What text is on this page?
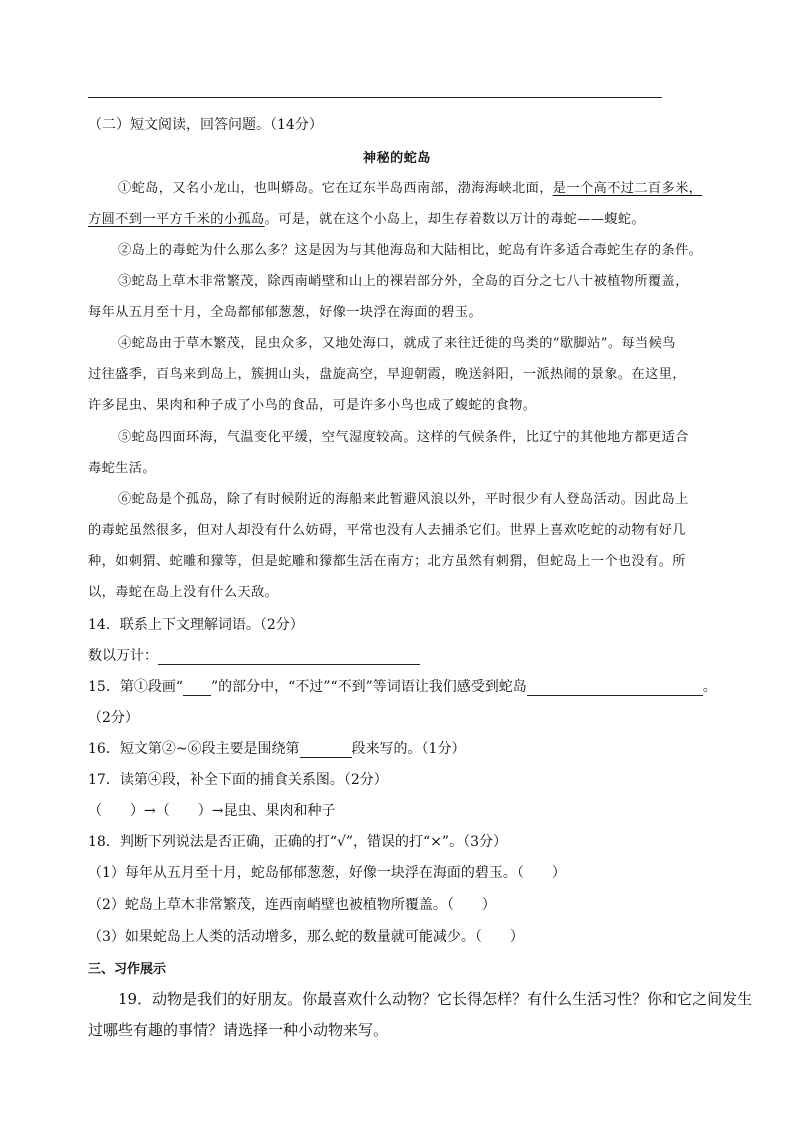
（二）短文阅读，回答问题。（14分）
神秘的蛇岛
①蛇岛，又名小龙山，也叫蟒岛。它在辽东半岛西南部，渤海海峡北面，是一个高不过二百多米，
方圆不到一平方千米的小孤岛。可是，就在这个小岛上，却生存着数以万计的毒蛇——蝮蛇。
②岛上的毒蛇为什么那么多？这是因为与其他海岛和大陆相比，蛇岛有许多适合毒蛇生存的条件。
③蛇岛上草木非常繁茂，除西南峭壁和山上的裸岩部分外，全岛的百分之七八十被植物所覆盖，
每年从五月至十月，全岛都郁郁葱葱，好像一块浮在海面的碧玉。
④蛇岛由于草木繁茂，昆虫众多，又地处海口，就成了来往迁徙的鸟类的“歇脚站”。每当候鸟
过往盛季，百鸟来到岛上，簇拥山头，盘旋高空，早迎朝霞，晚送斜阳，一派热闹的景象。在这里，
许多昆虫、果肉和种子成了小鸟的食品，可是许多小鸟也成了蝮蛇的食物。
⑤蛇岛四面环海，气温变化平缓，空气湿度较高。这样的气候条件，比辽宁的其他地方都更适合
毒蛇生活。
⑥蛇岛是个孤岛，除了有时候附近的海船来此暂避风浪以外，平时很少有人登岛活动。因此岛上
的毒蛇虽然很多，但对人却没有什么妨碍，平常也没有人去捕杀它们。世界上喜欢吃蛇的动物有好几
种，如刺猬、蛇雕和獴等，但是蛇雕和獴都生活在南方；北方虽然有刺猬，但蛇岛上一个也没有。所
以，毒蛇在岛上没有什么天敌。
14．联系上下文理解词语。（2分）
数以万计：
15．第①段画“ ”的部分中，“不过”“不到”等词语让我们感受到蛇岛	。
（2分）
16．短文第②~⑥段主要是围绕第	段来写的。（1分）
17．读第④段，补全下面的捕食关系图。（2分）
（　　）→（　　）→昆虫、果肉和种子
18．判断下列说法是否正确，正确的打“√”，错误的打“×”。（3分）
（1）每年从五月至十月，蛇岛郁郁葱葱，好像一块浮在海面的碧玉。（　　）
（2）蛇岛上草木非常繁茂，连西南峭壁也被植物所覆盖。（　　）
（3）如果蛇岛上人类的活动增多，那么蛇的数量就可能减少。（　　）
三、习作展示
19．动物是我们的好朋友。你最喜欢什么动物？它长得怎样？有什么生活习性？你和它之间发生
过哪些有趣的事情？请选择一种小动物来写。
